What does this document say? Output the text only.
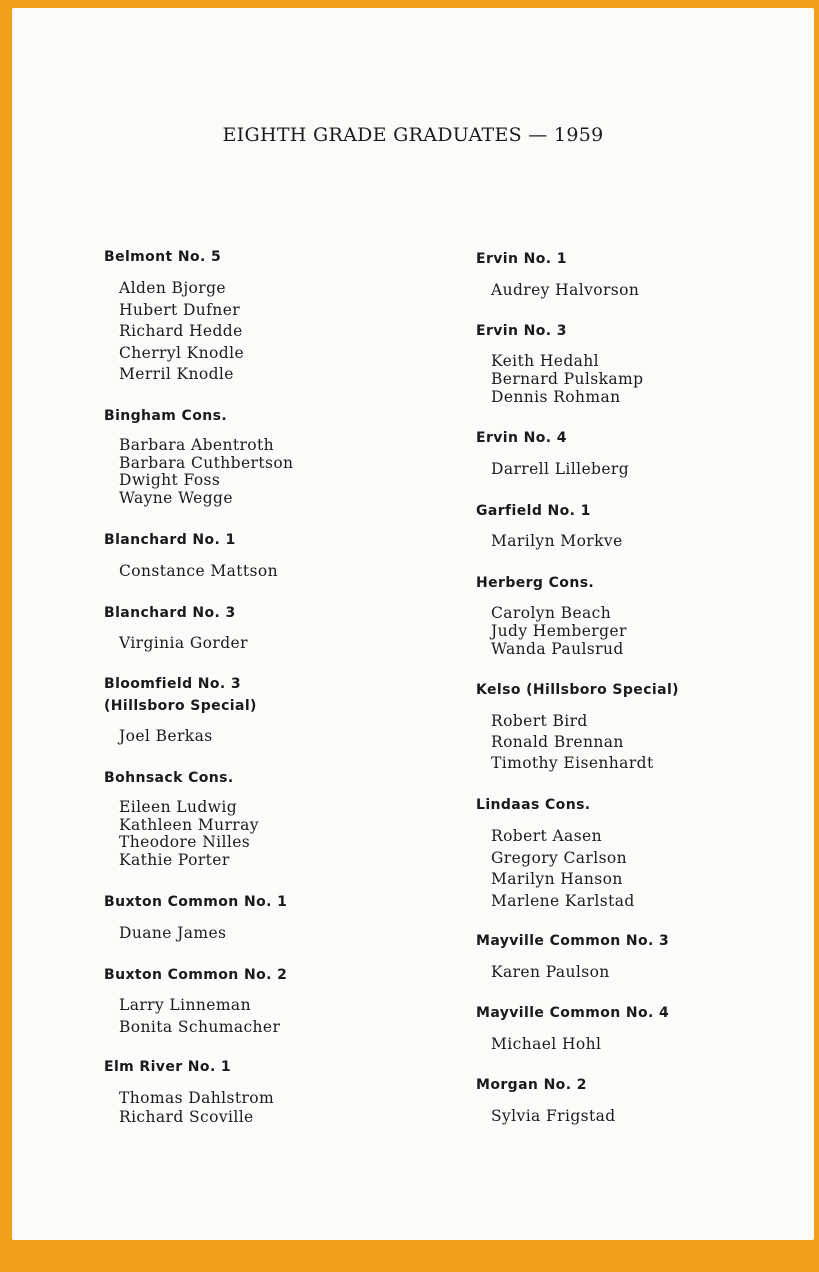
EIGHTH GRADE GRADUATES — 1959
Belmont No. 5
Alden Bjorge
Hubert Dufner
Richard Hedde
Cherryl Knodle
Merril Knodle
Bingham Cons.
Barbara Abentroth
Barbara Cuthbertson
Dwight Foss
Wayne Wegge
Blanchard No. 1
Constance Mattson
Blanchard No. 3
Virginia Gorder
Bloomfield No. 3
(Hillsboro Special)
Joel Berkas
Bohnsack Cons.
Eileen Ludwig
Kathleen Murray
Theodore Nilles
Kathie Porter
Buxton Common No. 1
Duane James
Buxton Common No. 2
Larry Linneman
Bonita Schumacher
Elm River No. 1
Thomas Dahlstrom
Richard Scoville
Ervin No. 1
Audrey Halvorson
Ervin No. 3
Keith Hedahl
Bernard Pulskamp
Dennis Rohman
Ervin No. 4
Darrell Lilleberg
Garfield No. 1
Marilyn Morkve
Herberg Cons.
Carolyn Beach
Judy Hemberger
Wanda Paulsrud
Kelso (Hillsboro Special)
Robert Bird
Ronald Brennan
Timothy Eisenhardt
Lindaas Cons.
Robert Aasen
Gregory Carlson
Marilyn Hanson
Marlene Karlstad
Mayville Common No. 3
Karen Paulson
Mayville Common No. 4
Michael Hohl
Morgan No. 2
Sylvia Frigstad
